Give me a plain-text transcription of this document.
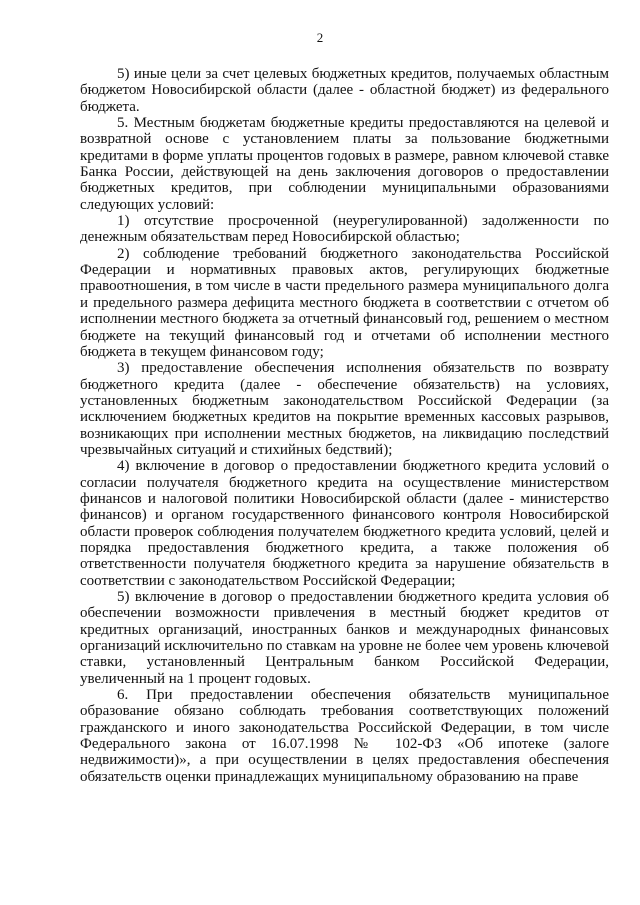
2

5) иные цели за счет целевых бюджетных кредитов, получаемых областным бюджетом Новосибирской области (далее - областной бюджет) из федерального бюджета.

5. Местным бюджетам бюджетные кредиты предоставляются на целевой и возвратной основе с установлением платы за пользование бюджетными кредитами в форме уплаты процентов годовых в размере, равном ключевой ставке Банка России, действующей на день заключения договоров о предоставлении бюджетных кредитов, при соблюдении муниципальными образованиями следующих условий:

1) отсутствие просроченной (неурегулированной) задолженности по денежным обязательствам перед Новосибирской областью;

2) соблюдение требований бюджетного законодательства Российской Федерации и нормативных правовых актов, регулирующих бюджетные правоотношения, в том числе в части предельного размера муниципального долга и предельного размера дефицита местного бюджета в соответствии с отчетом об исполнении местного бюджета за отчетный финансовый год, решением о местном бюджете на текущий финансовый год и отчетами об исполнении местного бюджета в текущем финансовом году;

3) предоставление обеспечения исполнения обязательств по возврату бюджетного кредита (далее - обеспечение обязательств) на условиях, установленных бюджетным законодательством Российской Федерации (за исключением бюджетных кредитов на покрытие временных кассовых разрывов, возникающих при исполнении местных бюджетов, на ликвидацию последствий чрезвычайных ситуаций и стихийных бедствий);

4) включение в договор о предоставлении бюджетного кредита условий о согласии получателя бюджетного кредита на осуществление министерством финансов и налоговой политики Новосибирской области (далее - министерство финансов) и органом государственного финансового контроля Новосибирской области проверок соблюдения получателем бюджетного кредита условий, целей и порядка предоставления бюджетного кредита, а также положения об ответственности получателя бюджетного кредита за нарушение обязательств в соответствии с законодательством Российской Федерации;

5) включение в договор о предоставлении бюджетного кредита условия об обеспечении возможности привлечения в местный бюджет кредитов от кредитных организаций, иностранных банков и международных финансовых организаций исключительно по ставкам на уровне не более чем уровень ключевой ставки, установленный Центральным банком Российской Федерации, увеличенный на 1 процент годовых.

6. При предоставлении обеспечения обязательств муниципальное образование обязано соблюдать требования соответствующих положений гражданского и иного законодательства Российской Федерации, в том числе Федерального закона от 16.07.1998 № 102-ФЗ «Об ипотеке (залоге недвижимости)», а при осуществлении в целях предоставления обеспечения обязательств оценки принадлежащих муниципальному образованию на праве
